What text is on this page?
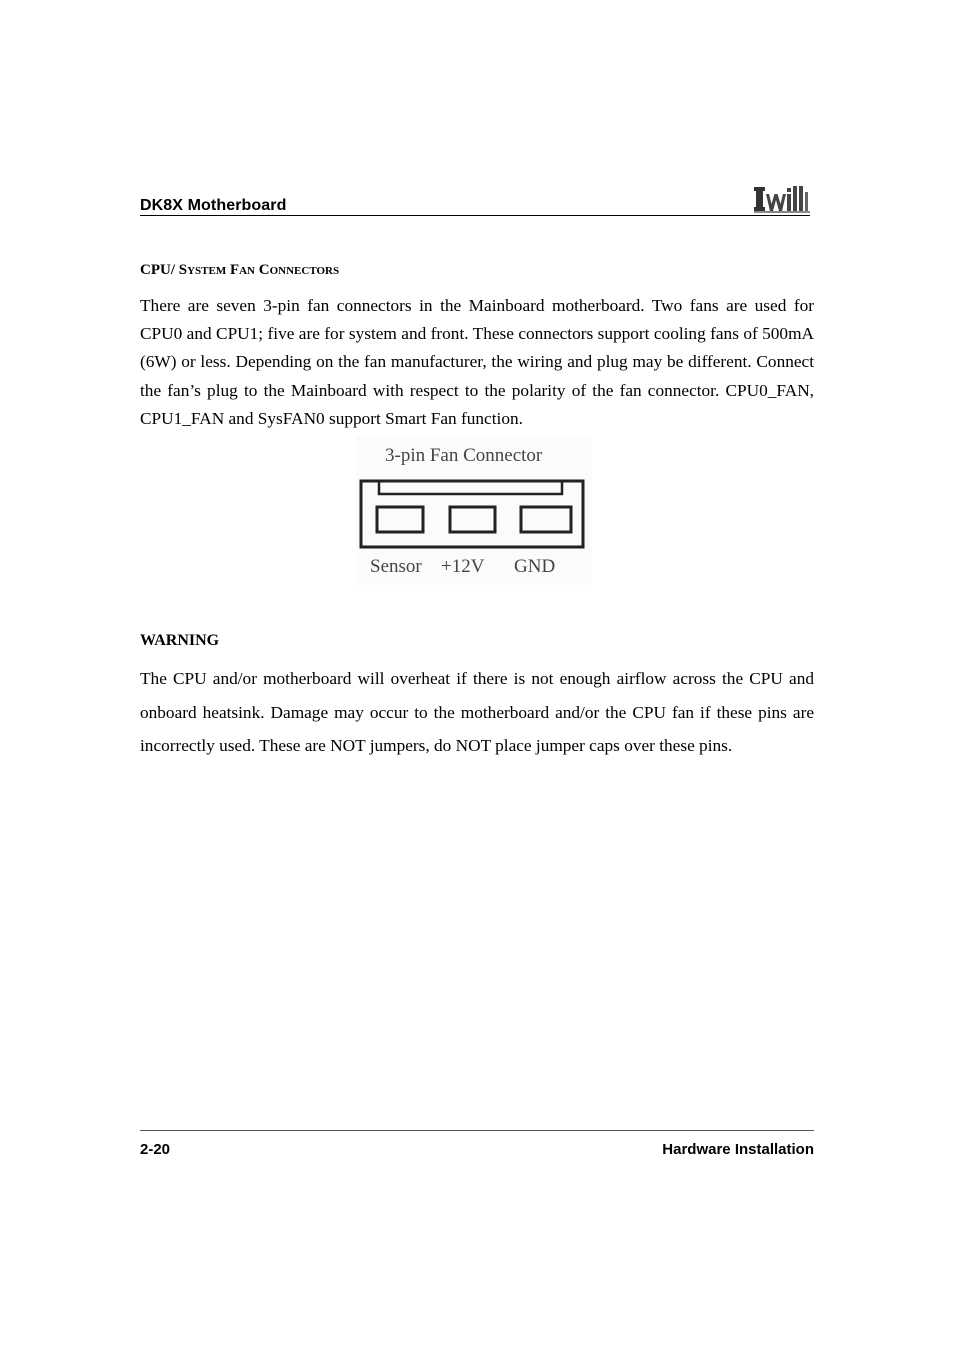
DK8X Motherboard
CPU/ System Fan Connectors
There are seven 3-pin fan connectors in the Mainboard motherboard. Two fans are used for CPU0 and CPU1; five are for system and front. These connectors support cooling fans of 500mA (6W) or less. Depending on the fan manufacturer, the wiring and plug may be different. Connect the fan’s plug to the Mainboard with respect to the polarity of the fan connector. CPU0_FAN, CPU1_FAN and SysFAN0 support Smart Fan function.
3-pin Fan Connector
Sensor +12V GND
WARNING
The CPU and/or motherboard will overheat if there is not enough airflow across the CPU and onboard heatsink. Damage may occur to the motherboard and/or the CPU fan if these pins are incorrectly used. These are NOT jumpers, do NOT place jumper caps over these pins.
2-20	Hardware Installation
